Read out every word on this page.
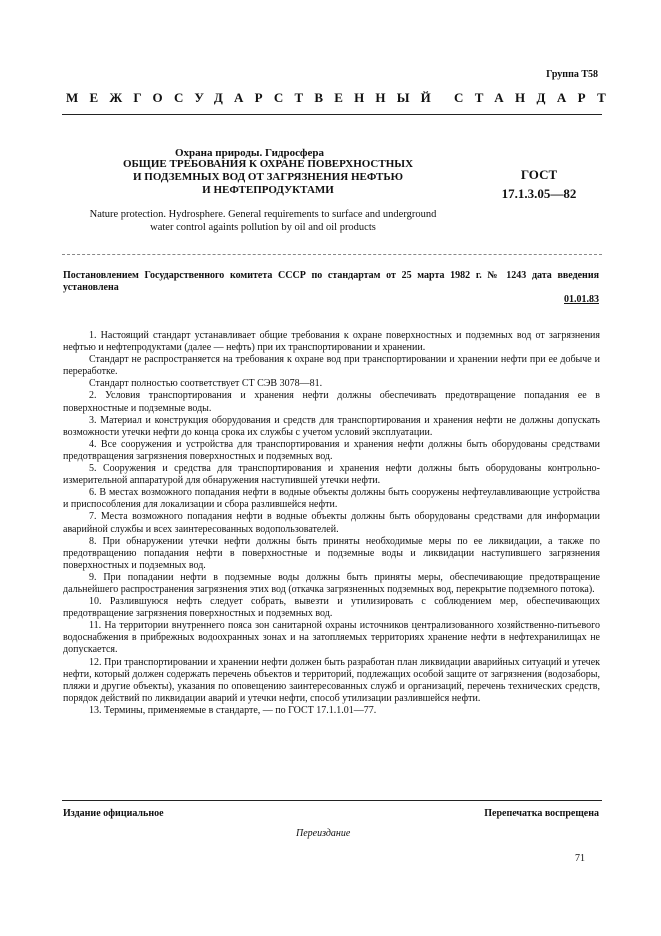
Группа Т58
МЕЖГОСУДАРСТВЕННЫЙ СТАНДАРТ
Охрана природы. Гидросфера
ОБЩИЕ ТРЕБОВАНИЯ К ОХРАНЕ ПОВЕРХНОСТНЫХ
И ПОДЗЕМНЫХ ВОД ОТ ЗАГРЯЗНЕНИЯ НЕФТЬЮ
И НЕФТЕПРОДУКТАМИ
ГОСТ
17.1.3.05—82
Nature protection. Hydrosphere. General requirements to surface and underground
water control againts pollution by oil and oil products
Постановлением Государственного комитета СССР по стандартам от 25 марта 1982 г. № 1243 дата введения установлена
01.01.83

1. Настоящий стандарт устанавливает общие требования к охране поверхностных и подземных вод от загрязнения нефтью и нефтепродуктами (далее — нефть) при их транспортировании и хранении.

Стандарт не распространяется на требования к охране вод при транспортировании и хранении нефти при ее добыче и переработке.

Стандарт полностью соответствует СТ СЭВ 3078—81.

2. Условия транспортирования и хранения нефти должны обеспечивать предотвращение попадания ее в поверхностные и подземные воды.

3. Материал и конструкция оборудования и средств для транспортирования и хранения нефти не должны допускать возможности утечки нефти до конца срока их службы с учетом условий эксплуатации.

4. Все сооружения и устройства для транспортирования и хранения нефти должны быть оборудованы средствами предотвращения загрязнения поверхностных и подземных вод.

5. Сооружения и средства для транспортирования и хранения нефти должны быть оборудованы контрольно-измерительной аппаратурой для обнаружения наступившей утечки нефти.

6. В местах возможного попадания нефти в водные объекты должны быть сооружены нефтеулавливающие устройства и приспособления для локализации и сбора разлившейся нефти.

7. Места возможного попадания нефти в водные объекты должны быть оборудованы средствами для информации аварийной службы и всех заинтересованных водопользователей.

8. При обнаружении утечки нефти должны быть приняты необходимые меры по ее ликвидации, а также по предотвращению попадания нефти в поверхностные и подземные воды и ликвидации наступившего загрязнения поверхностных и подземных вод.

9. При попадании нефти в подземные воды должны быть приняты меры, обеспечивающие предотвращение дальнейшего распространения загрязнения этих вод (откачка загрязненных подземных вод, перекрытие подземного потока).

10. Разлившуюся нефть следует собрать, вывезти и утилизировать с соблюдением мер, обеспечивающих предотвращение загрязнения поверхностных и подземных вод.

11. На территории внутреннего пояса зон санитарной охраны источников централизованного хозяйственно-питьевого водоснабжения в прибрежных водоохранных зонах и на затопляемых территориях хранение нефти в нефтехранилищах не допускается.

12. При транспортировании и хранении нефти должен быть разработан план ликвидации аварийных ситуаций и утечек нефти, который должен содержать перечень объектов и территорий, подлежащих особой защите от загрязнения (водозаборы, пляжи и другие объекты), указания по оповещению заинтересованных служб и организаций, перечень технических средств, порядок действий по ликвидации аварий и утечки нефти, способ утилизации разлившейся нефти.

13. Термины, применяемые в стандарте, — по ГОСТ 17.1.1.01—77.

Издание официальное	Перепечатка воспрещена
Переиздание
71
